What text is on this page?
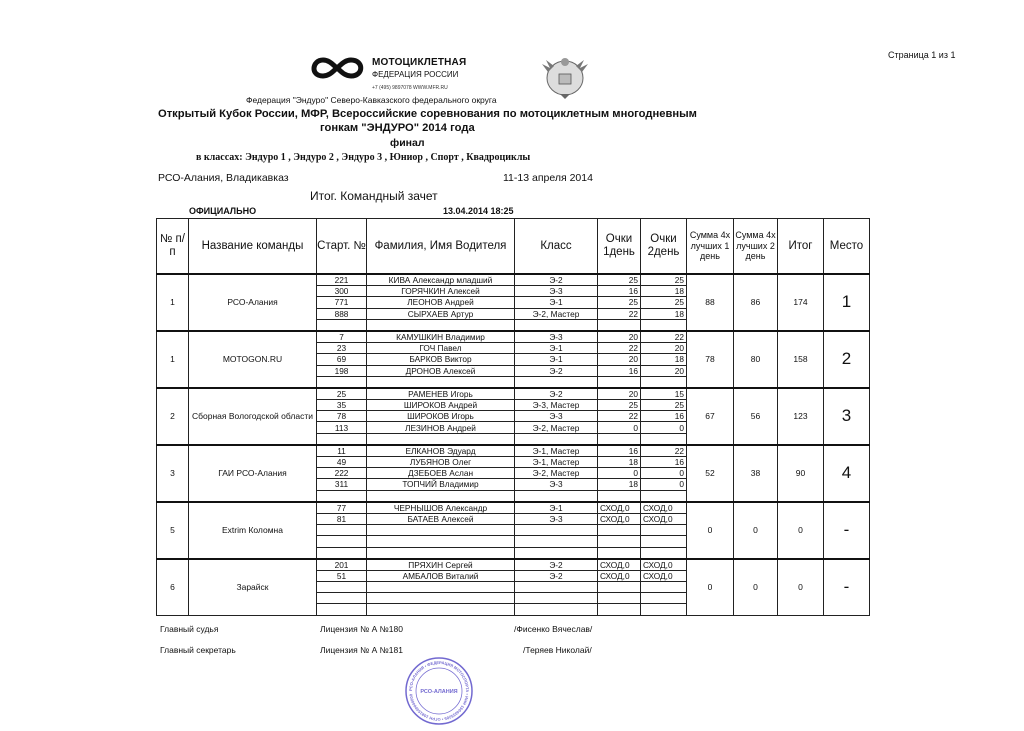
Страница 1 из 1
МОТОЦИКЛЕТНАЯ
ФЕДЕРАЦИЯ РОССИИ
+7 (495) 9897078 WWW.MFR.RU
Федерация "Эндуро" Северо-Кавказского федерального округа
Открытый Кубок России, МФР, Всероссийские соревнования по мотоциклетным многодневным
гонкам "ЭНДУРО" 2014 года
финал
в классах: Эндуро 1 , Эндуро 2 , Эндуро 3 , Юниор , Спорт , Квадроциклы
РСО-Алания, Владикавказ	11-13 апреля 2014
Итог. Командный зачет
ОФИЦИАЛЬНО	13.04.2014 18:25
№ п/п	Название команды	Старт. №	Фамилия, Имя Водителя	Класс	Очки 1день	Очки 2день	Сумма 4х лучших 1 день	Сумма 4х лучших 2 день	Итог	Место
1	РСО-Алания	221	КИВА Александр младший	Э-2	25	25	88	86	174	1
		300	ГОРЯЧКИН Алексей	Э-3	16	18				
		771	ЛЕОНОВ Андрей	Э-1	25	25				
		888	СЫРХАЕВ Артур	Э-2, Мастер	22	18				

1	MOTOGON.RU	7	КАМУШКИН Владимир	Э-3	20	22	78	80	158	2
		23	ГОЧ Павел	Э-1	22	20				
		69	БАРКОВ Виктор	Э-1	20	18				
		198	ДРОНОВ Алексей	Э-2	16	20				

2	Сборная Вологодской области	25	РАМЕНЕВ Игорь	Э-2	20	15	67	56	123	3
		35	ШИРОКОВ Андрей	Э-3, Мастер	25	25				
		78	ШИРОКОВ Игорь	Э-3	22	16				
		113	ЛЕЗИНОВ Андрей	Э-2, Мастер	0	0				

3	ГАИ РСО-Алания	11	ЕЛКАНОВ Эдуард	Э-1, Мастер	16	22	52	38	90	4
		49	ЛУБЯНОВ Олег	Э-1, Мастер	18	16				
		222	ДЗЕБОЕВ Аслан	Э-2, Мастер	0	0				
		311	ТОПЧИЙ Владимир	Э-3	18	0				

5	Extrim Коломна	77	ЧЕРНЫШОВ Александр	Э-1	СХОД,0	СХОД,0	0	0	0	-
		81	БАТАЕВ Алексей	Э-3	СХОД,0	СХОД,0				

6	Зарайск	201	ПРЯХИН Сергей	Э-2	СХОД,0	СХОД,0	0	0	0	-
		51	АМБАЛОВ Виталий	Э-2	СХОД,0	СХОД,0				

Главный судья	Лицензия № А №180	/Фисенко Вячеслав/
Главный секретарь	Лицензия № А №181	/Теряев Николай/
РСО-АЛАНИЯ • ФЕДЕРАЦИЯ МОТОСПОРТА • ИНН 1504035205 • ОГРН 1081500000000
РСО-АЛАНИЯ
